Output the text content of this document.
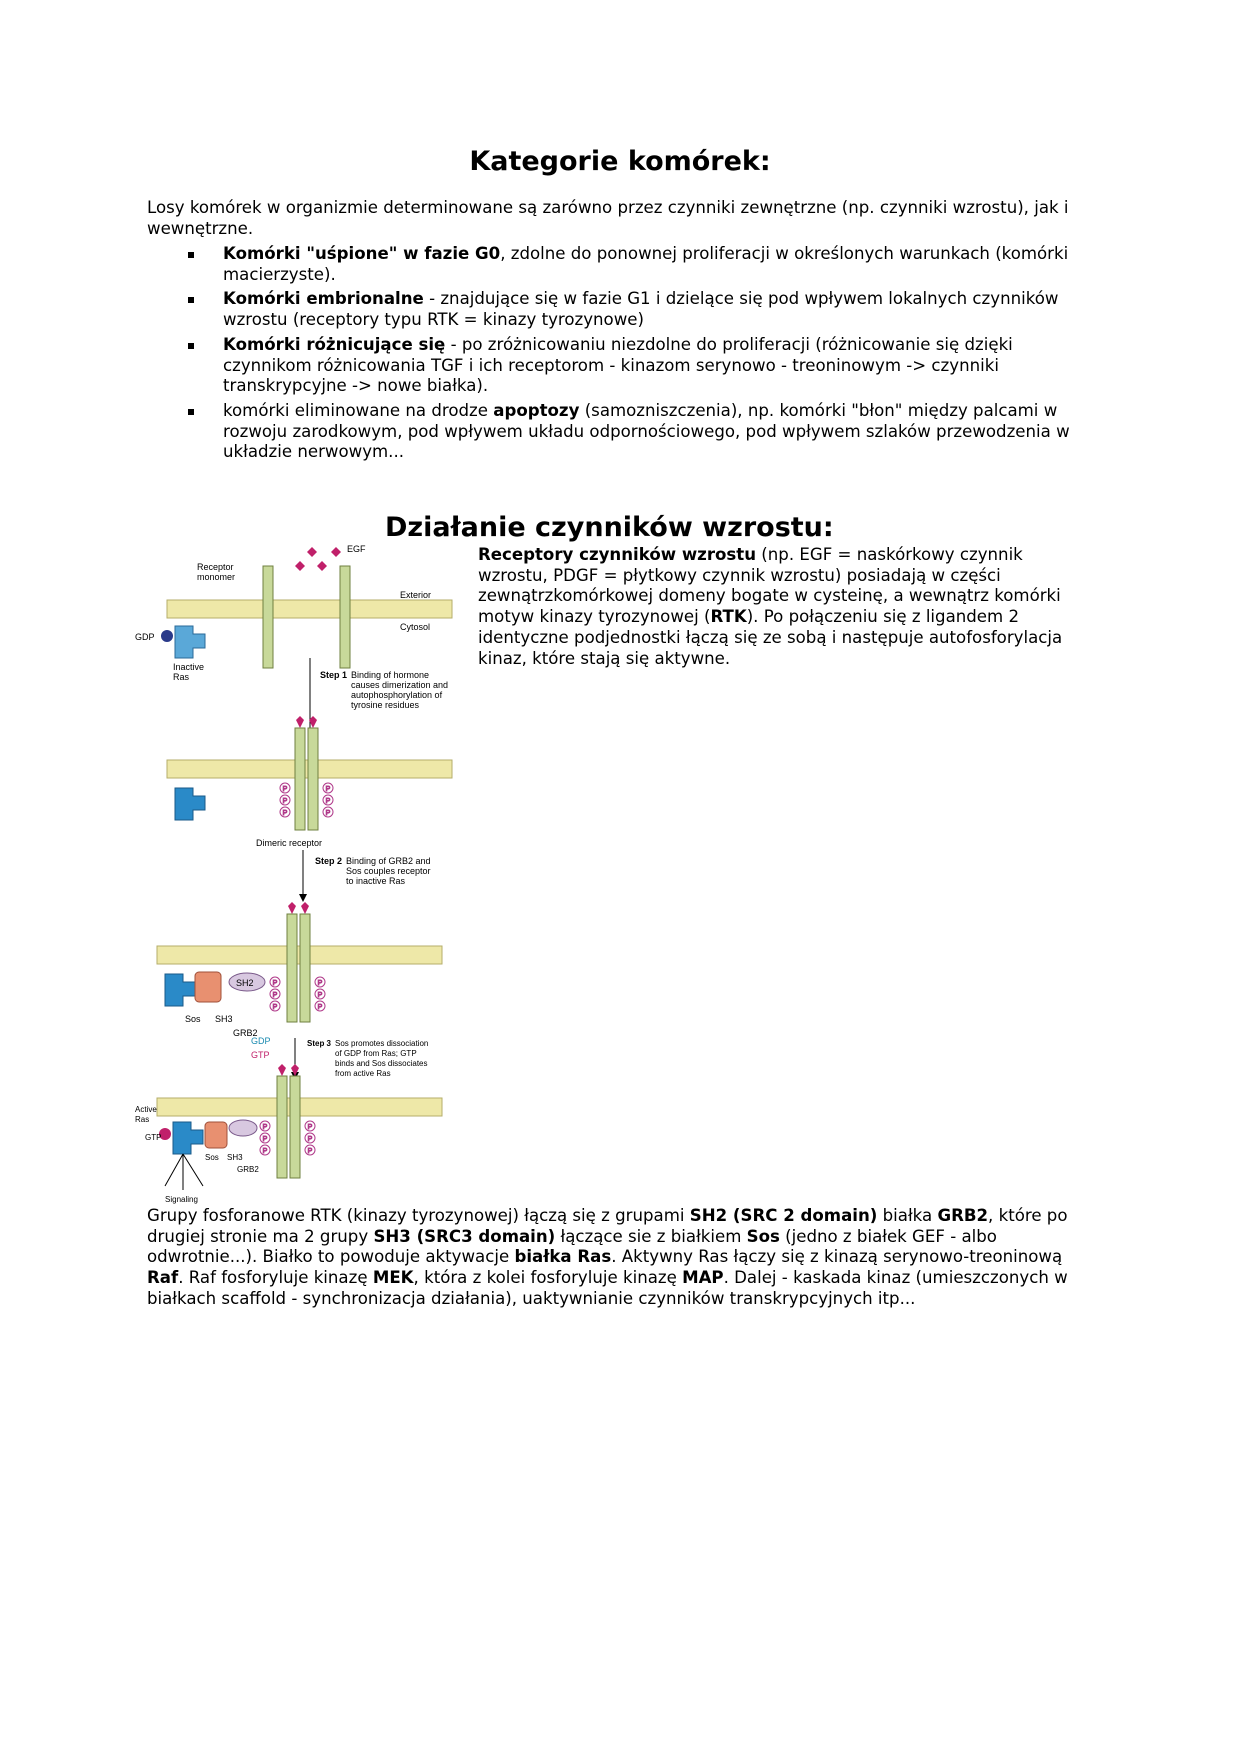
Kategorie komórek:

Losy komórek w organizmie determinowane są zarówno przez czynniki zewnętrzne (np. czynniki wzrostu), jak i wewnętrzne.

Komórki "uśpione" w fazie G0, zdolne do ponownej proliferacji w określonych warunkach (komórki macierzyste).
Komórki embrionalne - znajdujące się w fazie G1 i dzielące się pod wpływem lokalnych czynników wzrostu (receptory typu RTK = kinazy tyrozynowe)
Komórki różnicujące się - po zróżnicowaniu niezdolne do proliferacji (różnicowanie się dzięki czynnikom różnicowania TGF i ich receptorom - kinazom serynowo - treoninowym -> czynniki transkrypcyjne -> nowe białka).
komórki eliminowane na drodze apoptozy (samozniszczenia), np. komórki "błon" między palcami w rozwoju zarodkowym, pod wpływem układu odpornościowego, pod wpływem szlaków przewodzenia w układzie nerwowym...
Działanie czynników wzrostu:

Receptory czynników wzrostu (np. EGF = naskórkowy czynnik wzrostu, PDGF = płytkowy czynnik wzrostu) posiadają w części zewnątrzkomórkowej domeny bogate w cysteinę, a wewnątrz komórki motyw kinazy tyrozynowej (RTK). Po połączeniu się z ligandem 2 identyczne podjednostki łączą się ze sobą i następuje autofosforylacja kinaz, które stają się aktywne.

EGF
Receptor
monomer
Exterior
Cytosol
GDP
Inactive
Ras	Step 1 Binding of hormone
causes dimerization and
autophosphorylation of
tyrosine residues
P
P
P
P
P
P
Dimeric receptor
Step 2 Binding of GRB2 and
Sos couples receptor
to inactive Ras
SH2
Sos SH3
GRB2
P
P
P
P
P
P
GDP
GTP
Step 3 Sos promotes dissociation
of GDP from Ras; GTP
binds and Sos dissociates
from active Ras
Active
Ras
GTP
Sos SH3
GRB2
P
P
P
P
P
P
Signaling

Grupy fosforanowe RTK (kinazy tyrozynowej) łączą się z grupami SH2 (SRC 2 domain) białka GRB2, które po drugiej stronie ma 2 grupy SH3 (SRC3 domain) łączące sie z białkiem Sos (jedno z białek GEF - albo odwrotnie...). Białko to powoduje aktywacje białka Ras. Aktywny Ras łączy się z kinazą serynowo-treoninową Raf. Raf fosforyluje kinazę MEK, która z kolei fosforyluje kinazę MAP. Dalej - kaskada kinaz (umieszczonych w białkach scaffold - synchronizacja działania), uaktywnianie czynników transkrypcyjnych itp...
